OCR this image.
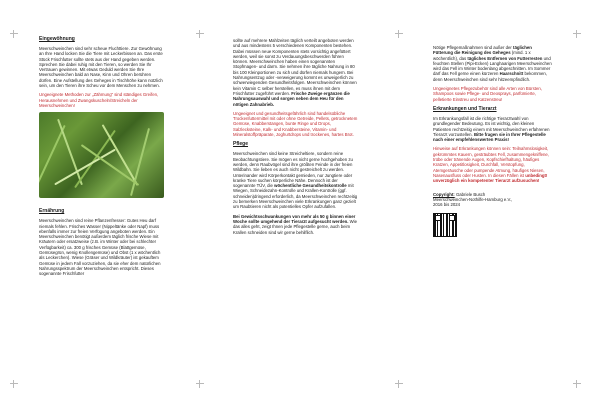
Eingewöhnung

Meerschweinchen sind sehr scheue Fluchttiere. Zur Gewöhnung an Ihre Hand locken Sie die Tiere mit Leckerbissen an. Das erste Stück Frischfutter sollte stets aus der Hand gegeben werden. Sprechen Sie dabei ruhig mit den Tieren, so werden Sie Ihr Vertrauen gewinnen. Mit etwas Geduld werden Sie Ihre Meerschweinchen bald an Nase, Kinn und Ohren berühren dürfen. Eine Aufstellung des Geheges in Tischhöhe kann nützlich sein, um den Tieren ihre Scheu vor dem Menschen zu nehmen.

Ungeeignete Methoden zur „Zähmung“ sind ständiges Greifen, Herausnehmen und Zwangskuscheln/Streicheln der Meerschweinchen!

Ernährung

Meerschweinchen sind reine Pflanzenfresser: Gutes Heu darf niemals fehlen. Frisches Wasser (Nippeltänke oder Napf) muss ebenfalls immer zur freien Verfügung angeboten werden. Ein Meerschweinchen benötigt außerdem täglich frische Wiese mit Kräutern oder ersatzweise (z.B. im Winter oder bei schlechter Verfügbarkeit) ca. 300 g frisches Gemüse (Blattgemüse, Gemüsegrün, wenig Knollengemüse) und Obst (1 x wöchentlich als Leckerchen). Wiese (Gräser und Wildkräuter) ist gekauftem Gemüse in jedem Fall vorzuziehen, da sie eher dem natürlichen Nahrungsspektrum der Meerschweinchen entspricht. Dieses sogenannte Frischfutter

sollte auf mehrere Mahlzeiten täglich verteilt angeboten werden und aus mindestens 5 verschiedenen Komponenten bestehen. Dabei müssen neue Komponenten stets vorsichtig angefüttert werden, weil sie sonst zu Verdauungsbeschwerden führen können. Meerschweinchen haben einen sogenannten Stopfmagen- und darm. Sie nehmen ihre tägliche Nahrung in 80 bis 100 Kleinportionen zu sich und dürfen niemals hungern. Bei Nahrungsentzug oder -verweigerung kommt es unweigerlich zu schwerwiegenden Gesundheitsfolgen. Meerschweinchen können kein Vitamin C selber herstellen, es muss ihnen mit dem Frischfutter zugeführt werden. Frische Zweige ergänzen die Nahrungsauswahl und sorgen neben dem Heu für den nötigen Zahnabrieb.

Ungeeignet und gesundheitsgefährlich sind handelsübliche Trockenfuttermittel mit oder ohne Getreide, Pellets, getrocknetem Gemüse, Knabberstangen, bunte Ringe und Drops, Salzlecksteine, Kalk- und Knabbersteine, Vitamin- und Mineralstoffpräparate, Joghurtdrops und trockenes, hartes Brot.

Pflege

Meerschweinchen sind keine Streicheltiere, sondern reine Beobachtungstiere. Sie mögen es nicht gerne hochgehoben zu werden, denn Raubvögel sind ihre größten Feinde in der freien Wildbahn. Sie lieben es auch nicht gestreichelt zu werden. Unterinander wird Körperkontakt gemieden, nur Jungtiere oder kranke Tiere suchen körperliche Nähe. Dennoch ist der sogenannte TÜV, die wöchentliche Gesundheitskontrolle mit Wiegen, Schneidezahn-Kontrolle und Krallen-Kontrolle (ggf. schneiden)dringend erforderlich, da Meerschweinchen rechtzeitig zu bemerken Meerschweinchen viele Erkrankungen ganz gezielt um Raubtieren nicht als potentielles Opfer aufzufallen.

Bei Gewichtsschwankungen von mehr als 50 g binnen einer Woche sollte umgehend der Tierarzt aufgesucht werden. Wie das alles geht, zeigt Ihnen jede Pflegestelle gerne, auch beim Krallen schneiden sind wir gerne behilflich.

Nötige Pflegemaßnahmen sind außer der täglichen Fütterung die Reinigung des Geheges (mind. 1 x wöchentlich), das tägliches Entfernen von Futterresten und feuchten Stellen (Pipi-Ecken) Langhaarigen Meerschweinchen wird das Fell im Winter bodenlang abgeschnitten. Im Sommer darf das Fell gerne einen kürzeren Haarschnitt bekommen, denn Meerschweinchen sind sehr hitzeempfindlich.

Ungeeignetes Pflegezubehör sind alle Arten von Bürsten, Shampoos sowie Pflege- und Deosprays, parfümierte, pelletierte Einstreu und Katzenstreu!

Erkrankungen und Tierarzt

Im Erkrankungsfall ist die richtige Tierarztwahl von grundlegender Bedeutung. Es ist wichtig, den kleinen Patienten rechtzeitig einem mit Meerschweinchen erfahrenen Tierarzt vorzustellen. Bitte fragen sie in Ihrer Pflegestelle nach einer empfehlenswerten Praxis!

Hinweise auf Erkrankungen können sein: Teilnahmslosigkeit, gekrümmtes Kauern, gesträubtes Fell, zusammengekniffene, trübe oder tränende Augen, Kopfschiefhaltung, häufiges Kratzen, Appetitlosigkeit, Durchfall, Verstopfung, Atemgeräusche oder pumpende Atmung, häufiges Niesen, Nasenausfluss oder Husten. In diesen Fällen ist unbedingt! unverzüglich ein kompetenter Tierarzt aufzusuchen!

Copyright: Gabriele Busch
Meerschweinchen-Nothilfe-Hamburg e.V.,
2016 bis 2024
